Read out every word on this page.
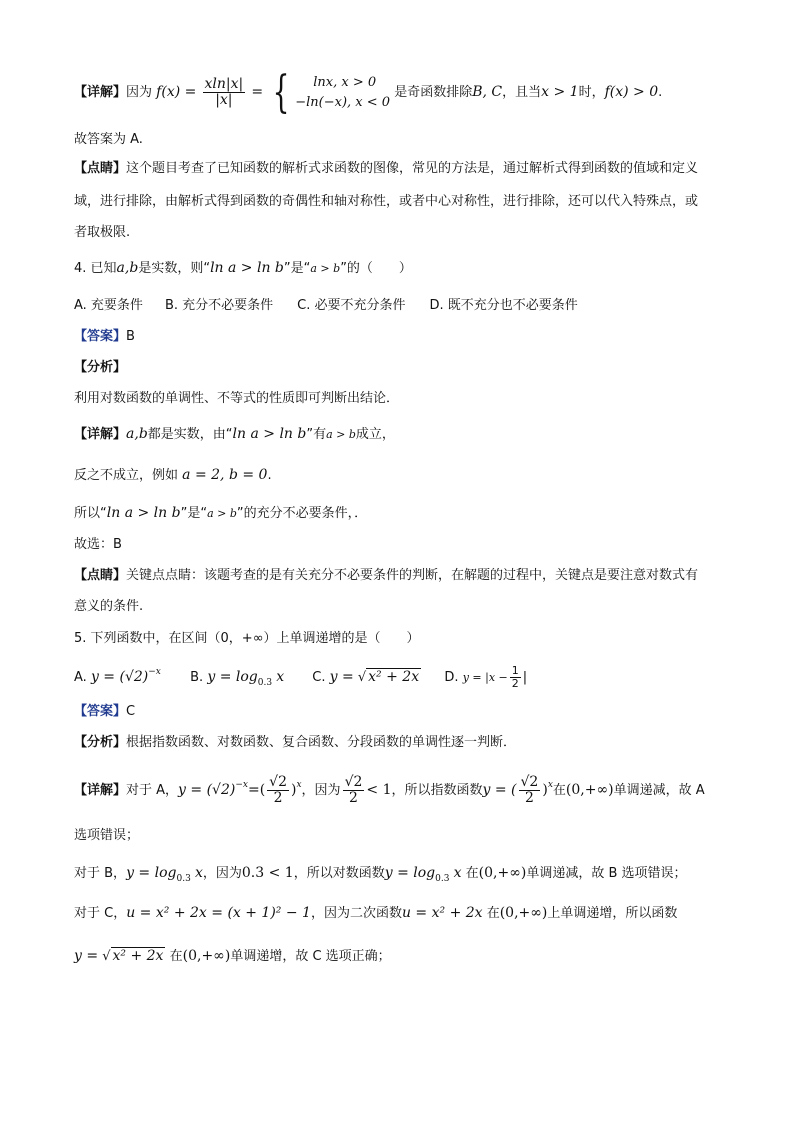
【详解】因为 $f(x) = \frac{xln|x|}{|x|}$ = {	lnx, x > 0
−ln(−x), x < 0
是奇函数排除B, C，且当x > 1时，f(x) > 0.
故答案为 A.
【点睛】这个题目考查了已知函数的解析式求函数的图像，常见的方法是，通过解析式得到函数的值域和定义
域，进行排除，由解析式得到函数的奇偶性和轴对称性，或者中心对称性，进行排除，还可以代入特殊点，或
者取极限.
4. 已知a,b是实数，则“ln a > ln b”是“a > b”的（　　）
A. 充要条件 B. 充分不必要条件 C. 必要不充分条件 D. 既不充分也不必要条件
【答案】B
【分析】
利用对数函数的单调性、不等式的性质即可判断出结论．
【详解】a,b都是实数，由“ln a > ln b”有a > b成立，
反之不成立，例如 a = 2, b = 0.
所以“ln a > ln b”是“a > b”的充分不必要条件，．
故选：B
【点睛】关键点点睛：该题考查的是有关充分不必要条件的判断，在解题的过程中，关键点是要注意对数式有
意义的条件.
5. 下列函数中，在区间（0，+∞）上单调递增的是（　　）
A. $y = (√2)^{-x}$ B. $y = \log_{0.3} x$ C. y = √ x² + 2x D. $y = |x - \frac{1}{2}$ |
【答案】C
【分析】根据指数函数、对数函数、复合函数、分段函数的单调性逐一判断．
【详解】对于 A，$y = (√2)^{-x}=( \frac{√2}{2} )^x$，因为 $\frac{√2}{2} < 1$，所以指数函数y = ( $\frac{√2}{2} )^x$在(0,+∞)单调递减，故 A
选项错误；
对于 B，$y = \log_{0.3} x$，因为0.3 < 1，所以对数函数$y = \log_{0.3} x$ 在(0,+∞)单调递减，故 B 选项错误；
对于 C，u = x² + 2x = (x + 1)² − 1，因为二次函数u = x² + 2x 在(0,+∞)上单调递增，所以函数
y = √ x² + 2x 在(0,+∞)单调递增，故 C 选项正确；
